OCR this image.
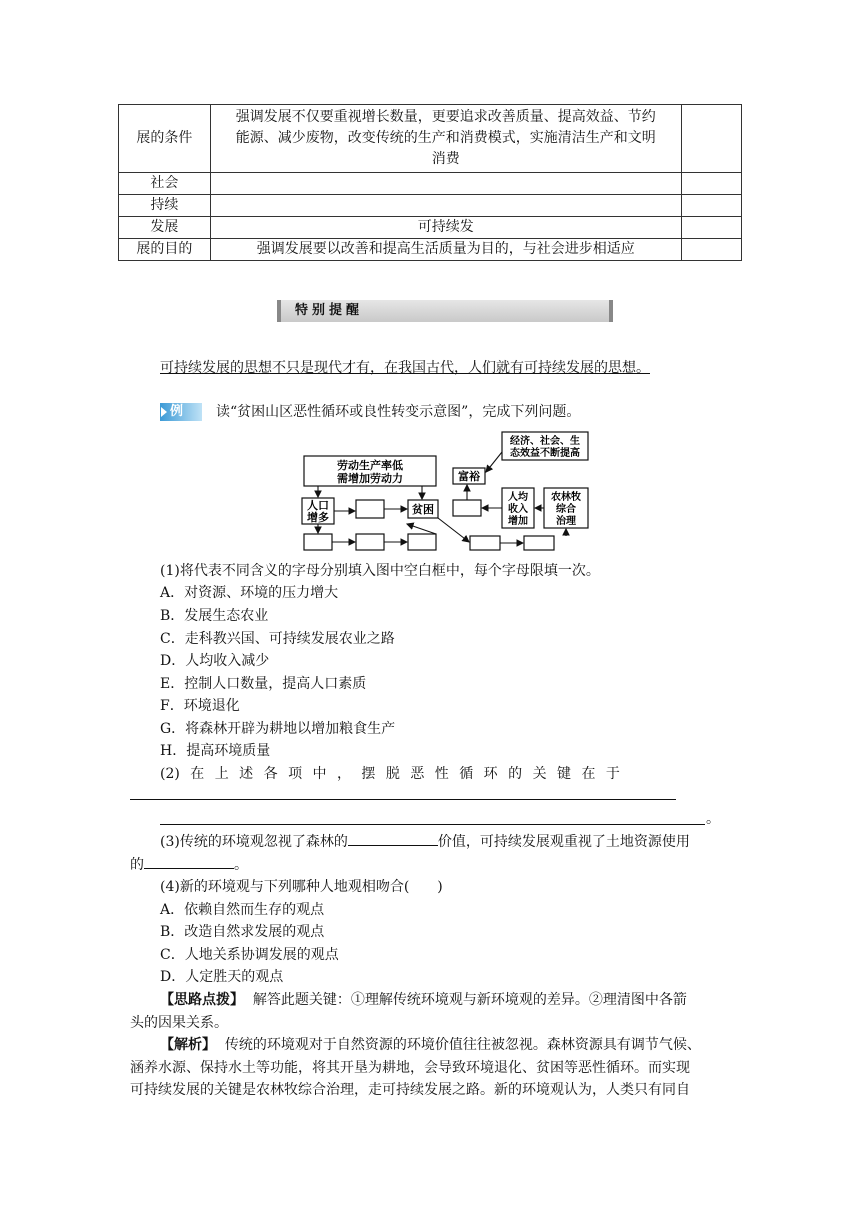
展的条件	强调发展不仅要重视增长数量，更要追求改善质量、提高效益、节约
能源、减少废物，改变传统的生产和消费模式，实施清洁生产和文明
消费	

社会		
持续		
发展	可持续发	
展的目的	强调发展要以改善和提高生活质量为目的，与社会进步相适应	
特别提醒
可持续发展的思想不只是现代才有，在我国古代，人们就有可持续发展的思想。
例	读“贫困山区恶性循环或良性转变示意图”，完成下列问题。
劳动生产率低
需增加劳动力
人口
增多
贫困
富裕
经济、社会、生
态效益不断提高
人均
收入
增加
农林牧
综合
治理
(1)将代表不同含义的字母分别填入图中空白框中，每个字母限填一次。
A．对资源、环境的压力增大
B．发展生态农业
C．走科教兴国、可持续发展农业之路
D．人均收入减少
E．控制人口数量，提高人口素质
F．环境退化
G．将森林开辟为耕地以增加粮食生产
H．提高环境质量
(2) 在 上 述 各 项 中 ， 摆 脱 恶 性 循 环 的 关 键 在 于
。
(3)传统的环境观忽视了森林的	价值，可持续发展观重视了土地资源使用
的	。
(4)新的环境观与下列哪种人地观相吻合(　　)
A．依赖自然而生存的观点
B．改造自然求发展的观点
C．人地关系协调发展的观点
D．人定胜天的观点
【思路点拨】 解答此题关键：①理解传统环境观与新环境观的差异。②理清图中各箭
头的因果关系。
【解析】 传统的环境观对于自然资源的环境价值往往被忽视。森林资源具有调节气候、
涵养水源、保持水土等功能，将其开垦为耕地，会导致环境退化、贫困等恶性循环。而实现
可持续发展的关键是农林牧综合治理，走可持续发展之路。新的环境观认为，人类只有同自
